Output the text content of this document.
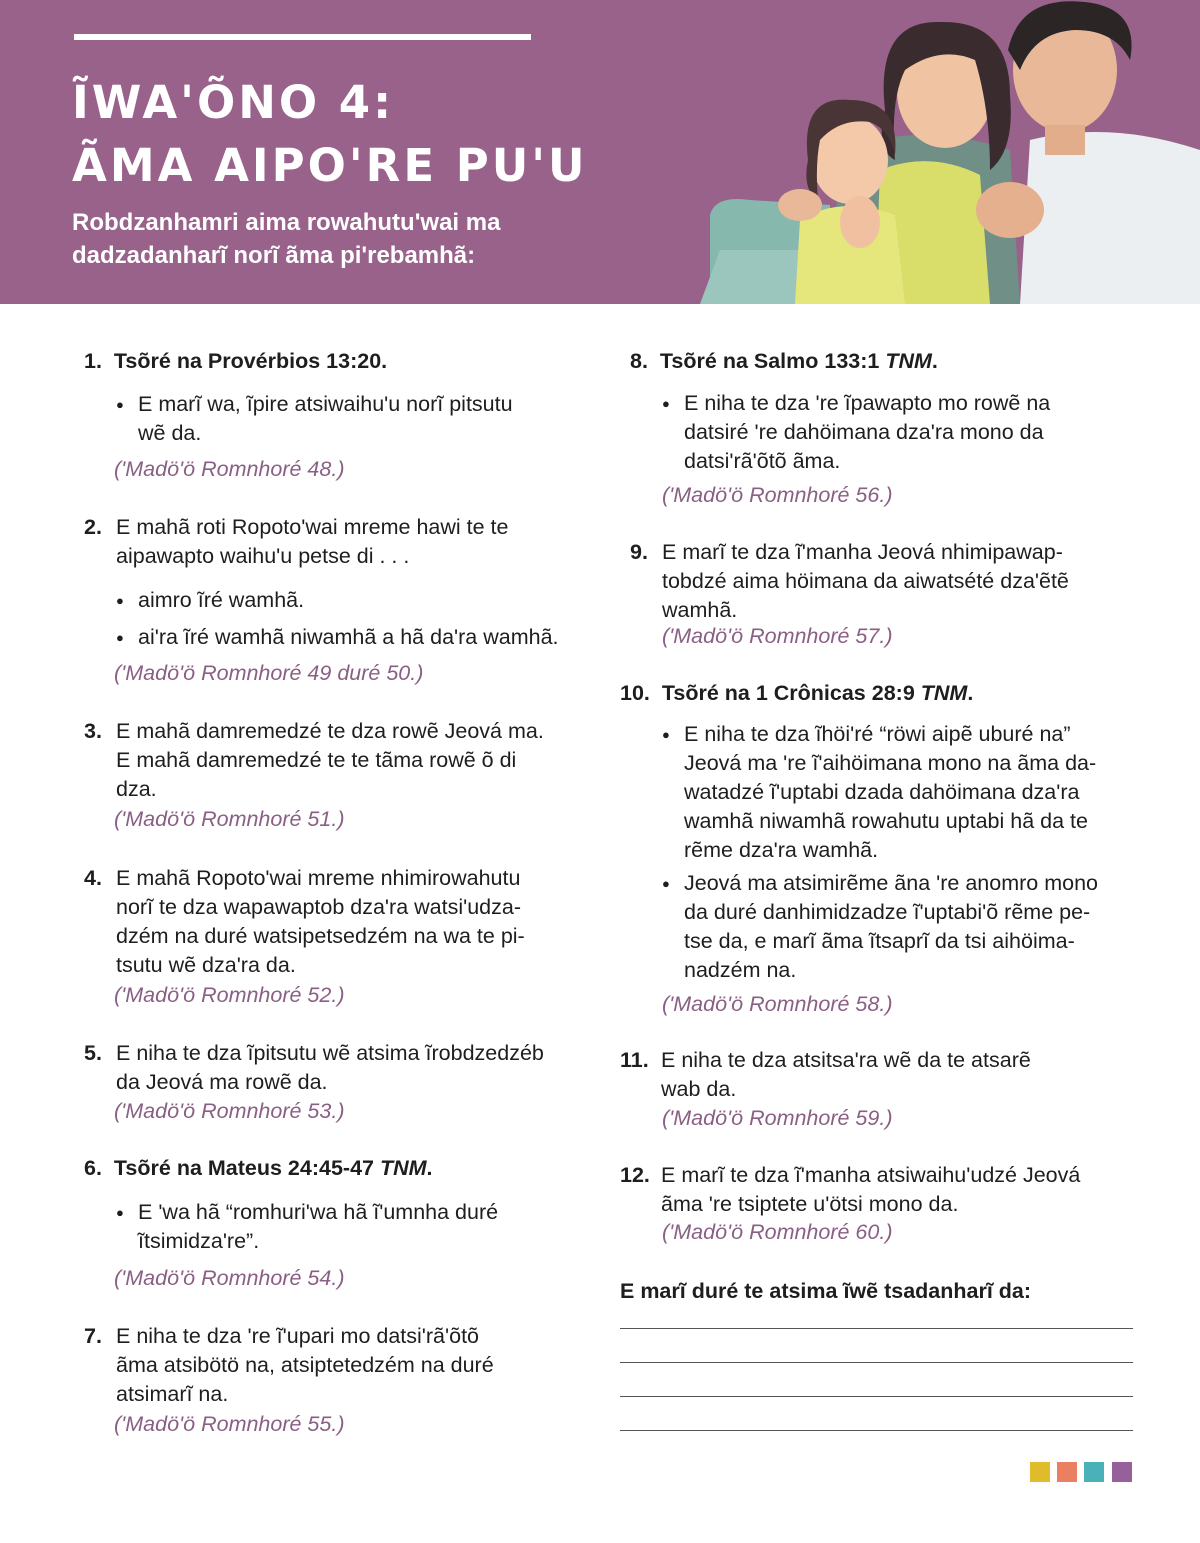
ĨWA'ÕNO 4:
ÃMA AIPO'RE PU'U
Robdzanhamri aima rowahutu'wai ma
dadzadanharĩ norĩ ãma pi'rebamhã:
1. Tsõré na Provérbios 13:20.
● E marĩ wa, ĩpire atsiwaihu'u norĩ pitsutu
wẽ da.
('Madö'ö Romnhoré 48.)
2. E mahã roti Ropoto'wai mreme hawi te te
aipawapto waihu'u petse di . . .
● aimro ĩré wamhã.
● ai'ra ĩré wamhã niwamhã a hã da'ra wamhã.
('Madö'ö Romnhoré 49 duré 50.)
3. E mahã damremedzé te dza rowẽ Jeová ma.
E mahã damremedzé te te tãma rowẽ õ di
dza.
('Madö'ö Romnhoré 51.)
4. E mahã Ropoto'wai mreme nhimirowahutu
norĩ te dza wapawaptob dza'ra watsi'udza-
dzém na duré watsipetsedzém na wa te pi-
tsutu wẽ dza'ra da.
('Madö'ö Romnhoré 52.)
5. E niha te dza ĩpitsutu wẽ atsima ĩrobdzedzéb
da Jeová ma rowẽ da.
('Madö'ö Romnhoré 53.)
6. Tsõré na Mateus 24:45-47 TNM.
● E 'wa hã “romhuri'wa hã ĩ'umnha duré
ĩtsimidza're”.
('Madö'ö Romnhoré 54.)
7. E niha te dza 're ĩ'upari mo datsi'rã'õtõ
ãma atsibötö na, atsiptetedzém na duré
atsimarĩ na.
('Madö'ö Romnhoré 55.)
8. Tsõré na Salmo 133:1 TNM.
● E niha te dza 're ĩpawapto mo rowẽ na
datsiré 're dahöimana dza'ra mono da
datsi'rã'õtõ ãma.
('Madö'ö Romnhoré 56.)
9. E marĩ te dza ĩ'manha Jeová nhimipawap-
tobdzé aima höimana da aiwatsété dza'ẽtẽ
wamhã.
('Madö'ö Romnhoré 57.)
10. Tsõré na 1 Crônicas 28:9 TNM.
● E niha te dza ĩhöi'ré “röwi aipẽ uburé na”
Jeová ma 're ĩ'aihöimana mono na ãma da-
watadzé ĩ'uptabi dzada dahöimana dza'ra
wamhã niwamhã rowahutu uptabi hã da te
rẽme dza'ra wamhã.
● Jeová ma atsimirẽme ãna 're anomro mono
da duré danhimidzadze ĩ'uptabi'õ rẽme pe-
tse da, e marĩ ãma ĩtsaprĩ da tsi aihöima-
nadzém na.
('Madö'ö Romnhoré 58.)
11. E niha te dza atsitsa'ra wẽ da te atsarẽ
wab da.
('Madö'ö Romnhoré 59.)
12. E marĩ te dza ĩ'manha atsiwaihu'udzé Jeová
ãma 're tsiptete u'ötsi mono da.
('Madö'ö Romnhoré 60.)
E marĩ duré te atsima ĩwẽ tsadanharĩ da:
